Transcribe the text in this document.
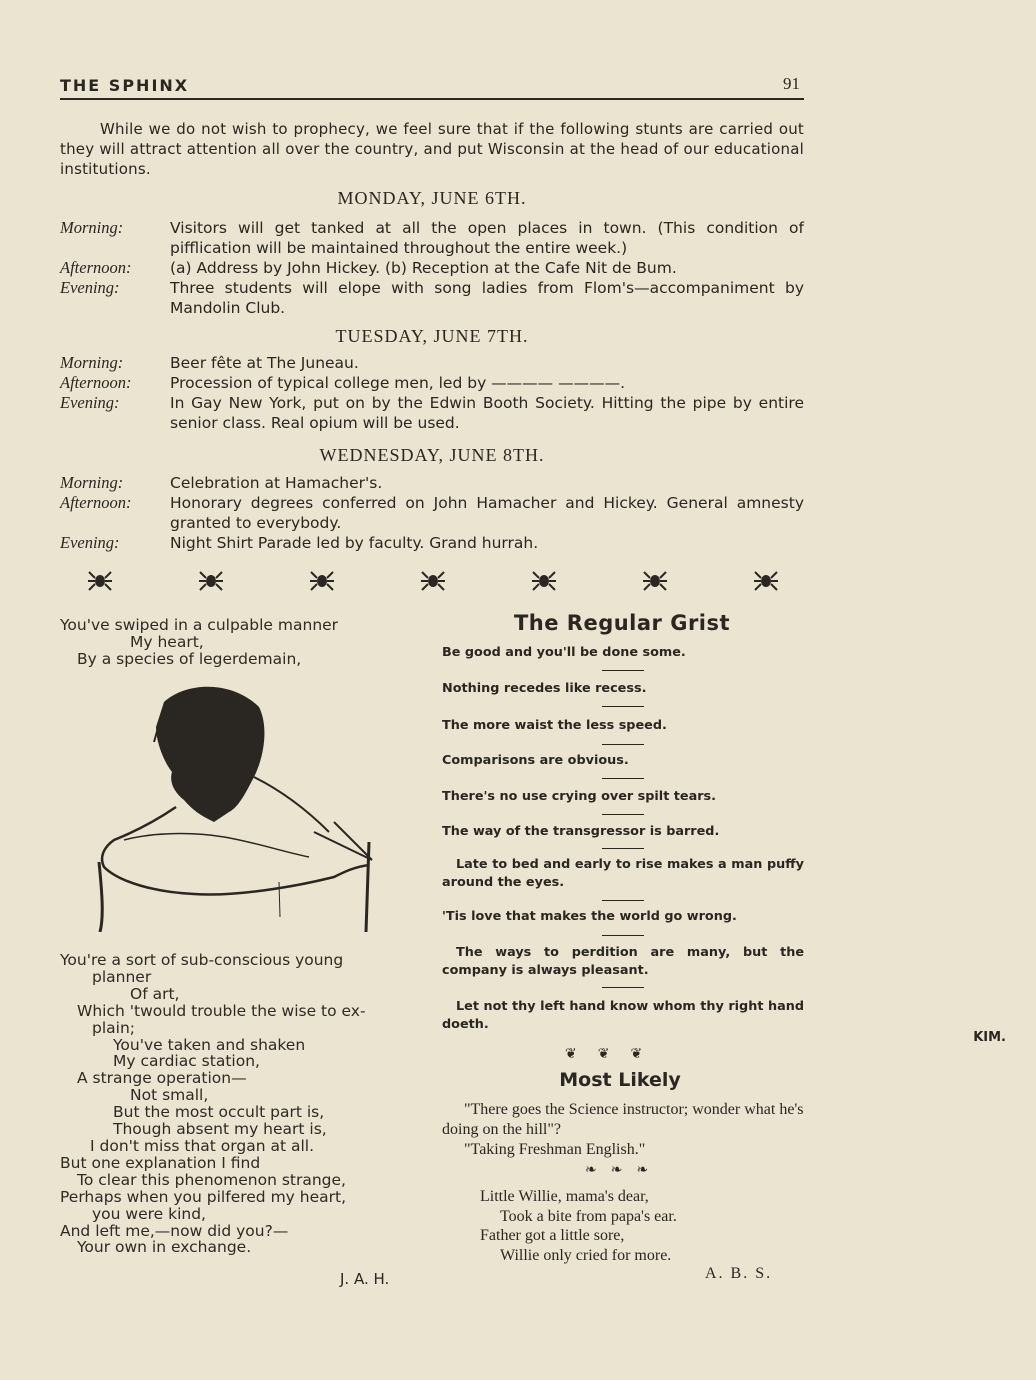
THE SPHINX	91

While we do not wish to prophecy, we feel sure that if the following stunts are carried out they will attract attention all over the country, and put Wisconsin at the head of our educational institutions.

MONDAY, JUNE 6TH.
Morning:	Visitors will get tanked at all the open places in town. (This condition of pifflication will be maintained throughout the entire week.)
Afternoon:	(a) Address by John Hickey. (b) Reception at the Cafe Nit de Bum.
Evening:	Three students will elope with song ladies from Flom's—accompaniment by Mandolin Club.
TUESDAY, JUNE 7TH.
Morning:	Beer fête at The Juneau.
Afternoon:	Procession of typical college men, led by ———— ————.
Evening:	In Gay New York, put on by the Edwin Booth Society. Hitting the pipe by entire senior class. Real opium will be used.
WEDNESDAY, JUNE 8TH.
Morning:	Celebration at Hamacher's.
Afternoon:	Honorary degrees conferred on John Hamacher and Hickey. General amnesty granted to everybody.
Evening:	Night Shirt Parade led by faculty. Grand hurrah.
You've swiped in a culpable manner
My heart,
By a species of legerdemain,
You're a sort of sub-conscious young
planner
Of art,
Which 'twould trouble the wise to ex-
plain;
You've taken and shaken
My cardiac station,
A strange operation—
Not small,
But the most occult part is,
Though absent my heart is,
I don't miss that organ at all.
But one explanation I find
To clear this phenomenon strange,
Perhaps when you pilfered my heart,
you were kind,
And left me,—now did you?—
Your own in exchange.
J. A. H.
The Regular Grist
Be good and you'll be done some.
Nothing recedes like recess.
The more waist the less speed.
Comparisons are obvious.
There's no use crying over spilt tears.
The way of the transgressor is barred.
Late to bed and early to rise makes a man puffy around the eyes.
'Tis love that makes the world go wrong.
The ways to perdition are many, but the company is always pleasant.
Let not thy left hand know whom thy right hand doeth.
KIM.
❦      ❦      ❦
Most Likely

"There goes the Science instructor; wonder what he's doing on the hill"?

"Taking Freshman English."

❧    ❧    ❧
Little Willie, mama's dear,
Took a bite from papa's ear.
Father got a little sore,
Willie only cried for more.
A. B. S.
